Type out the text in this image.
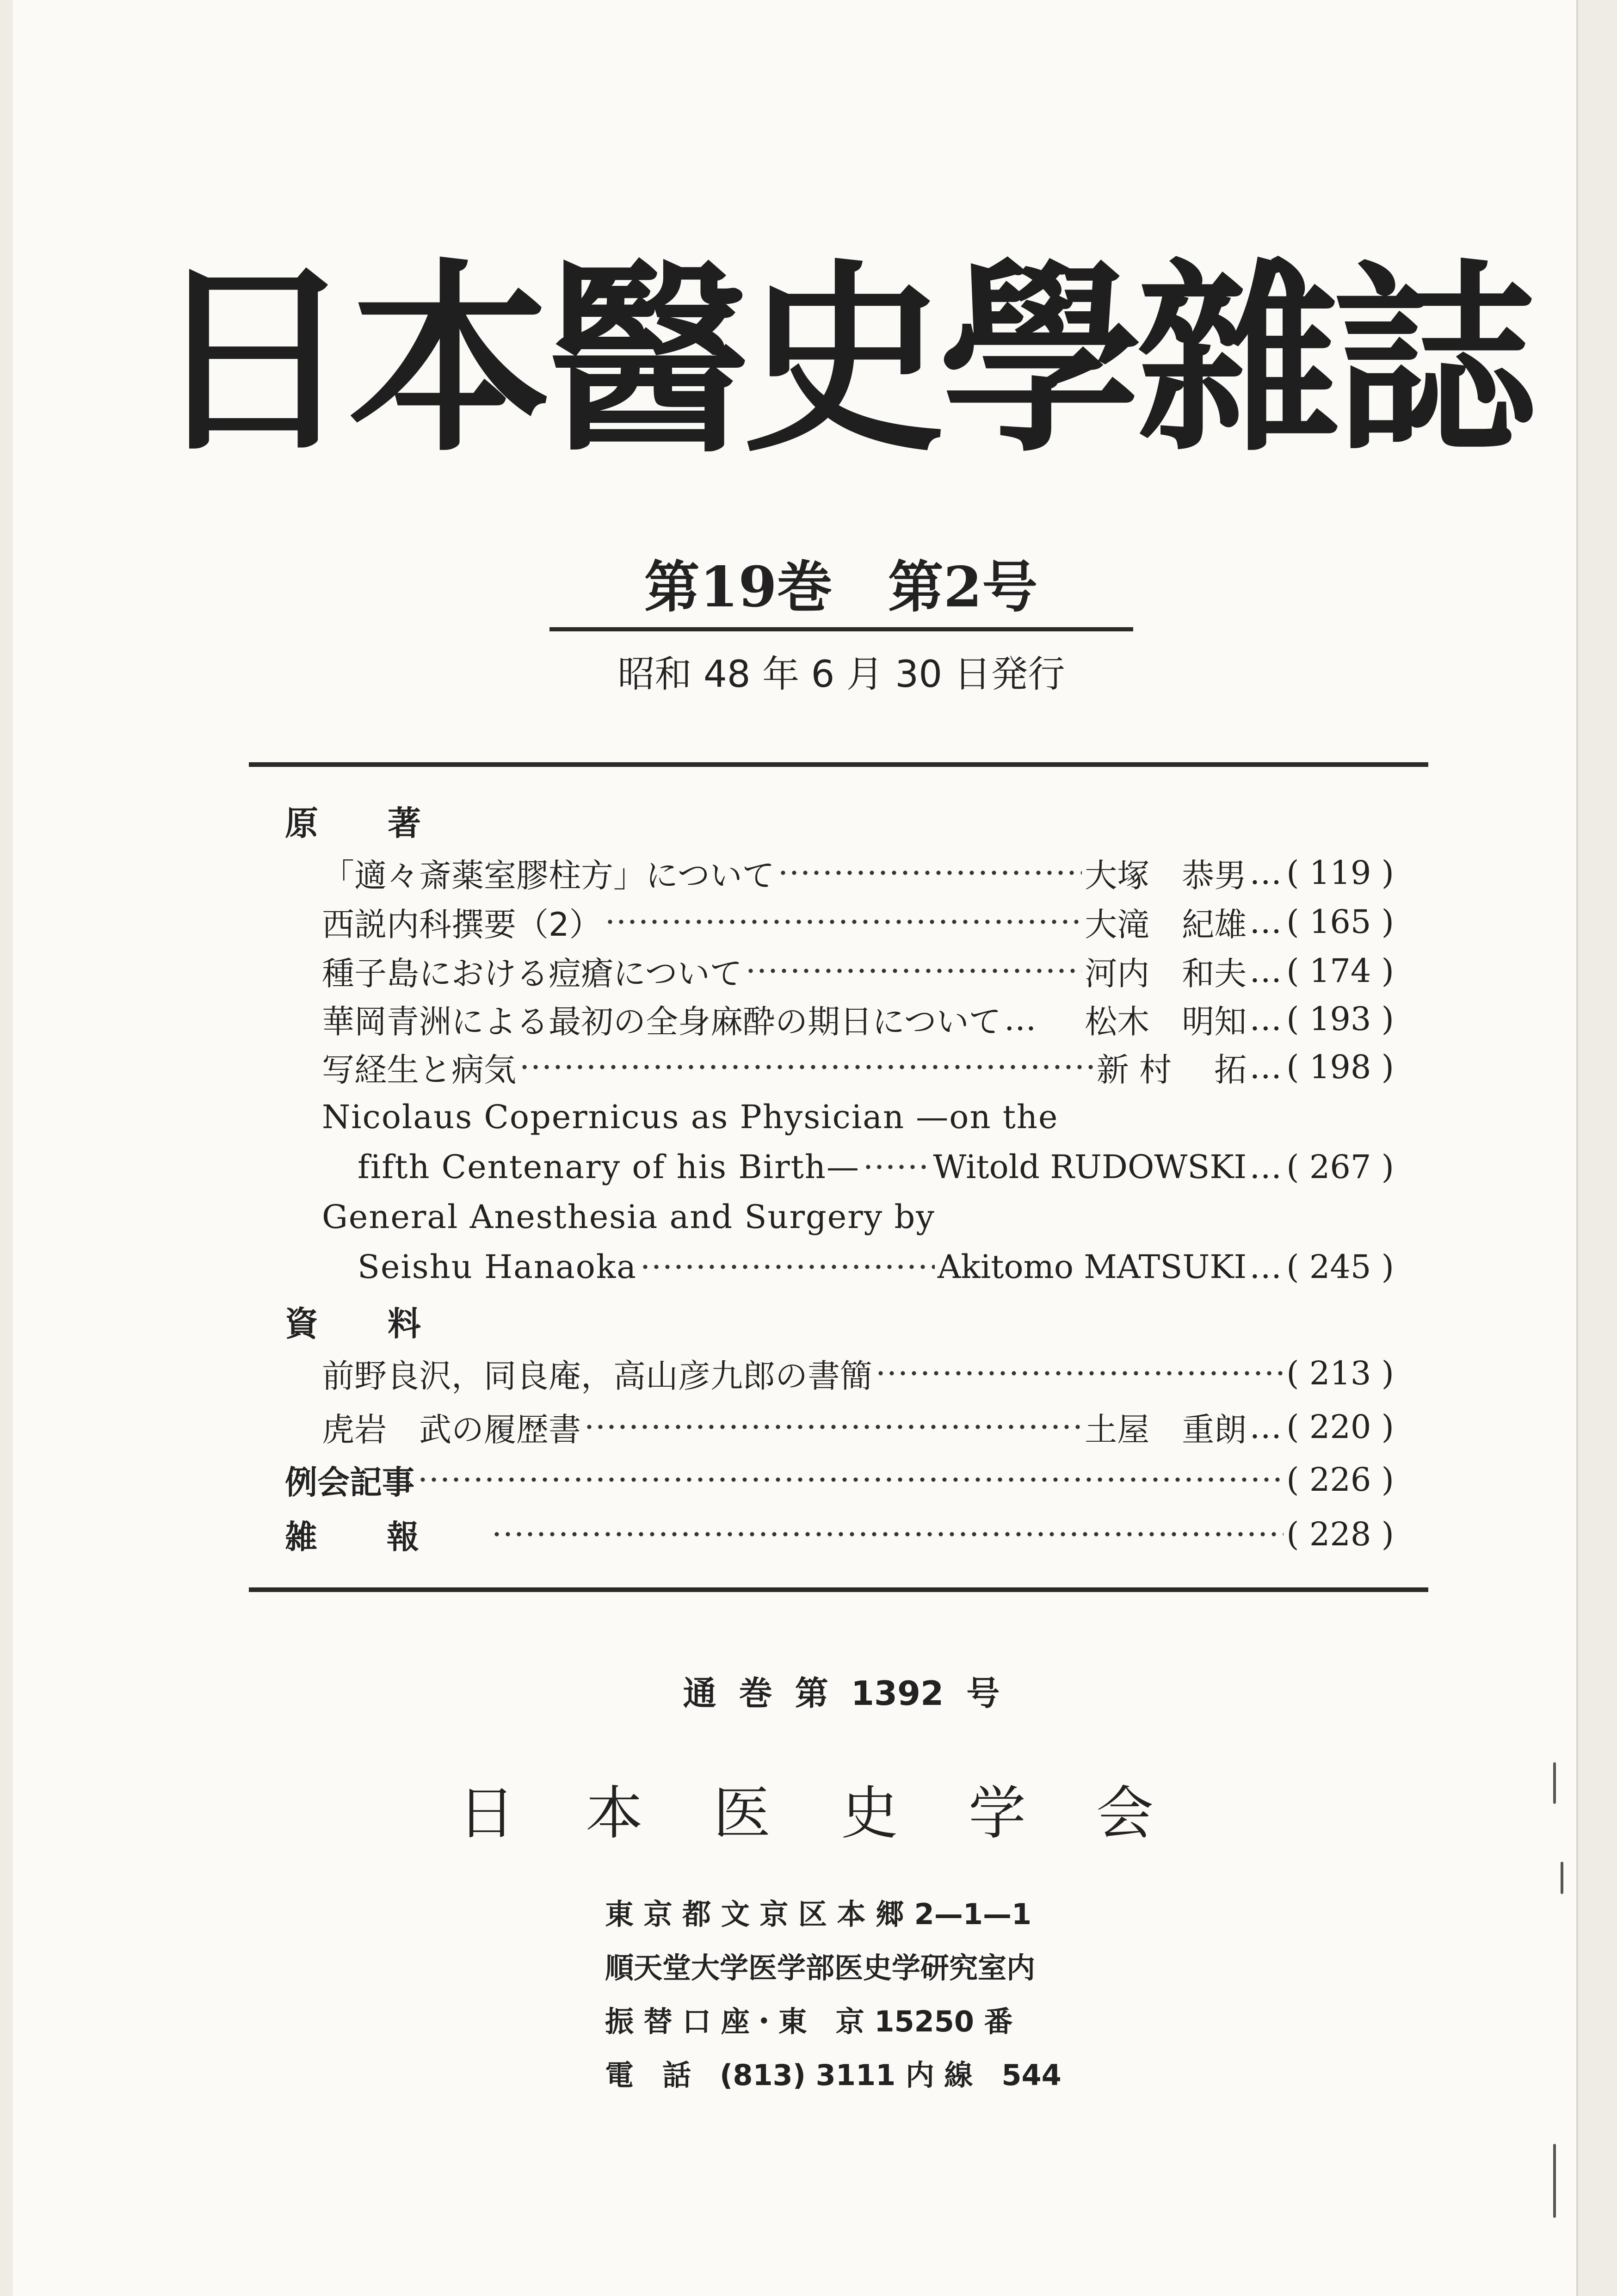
日本醫史學雜誌
第19巻　第2号
昭和 48 年 6 月 30 日発行
原著
「適々斎薬室膠柱方」について	大塚　恭男 … ( 119 )
西説内科撰要（2）	大滝　紀雄 … ( 165 )
種子島における痘瘡について	河内　和夫 … ( 174 )
華岡青洲による最初の全身麻酔の期日について … 松木　明知 … ( 193 )
写経生と病気	新 村　 拓 … ( 198 )
Nicolaus Copernicus as Physician —on the
fifth Centenary of his Birth— Witold RUDOWSKI … ( 267 )
General Anesthesia and Surgery by
Seishu Hanaoka	Akitomo MATSUKI … ( 245 )
資料
前野良沢，同良庵，高山彦九郎の書簡	( 213 )
虎岩　武の履歴書	土屋　重朗 … ( 220 )
例会記事	( 226 )
雑報	( 228 )
通 巻 第 1392 号
日本医史学会
東 京 都 文 京 区 本 郷 2—1—1
順天堂大学医学部医史学研究室内
振 替 口 座・東　京 15250 番
電　話　(813) 3111 内 線　544
